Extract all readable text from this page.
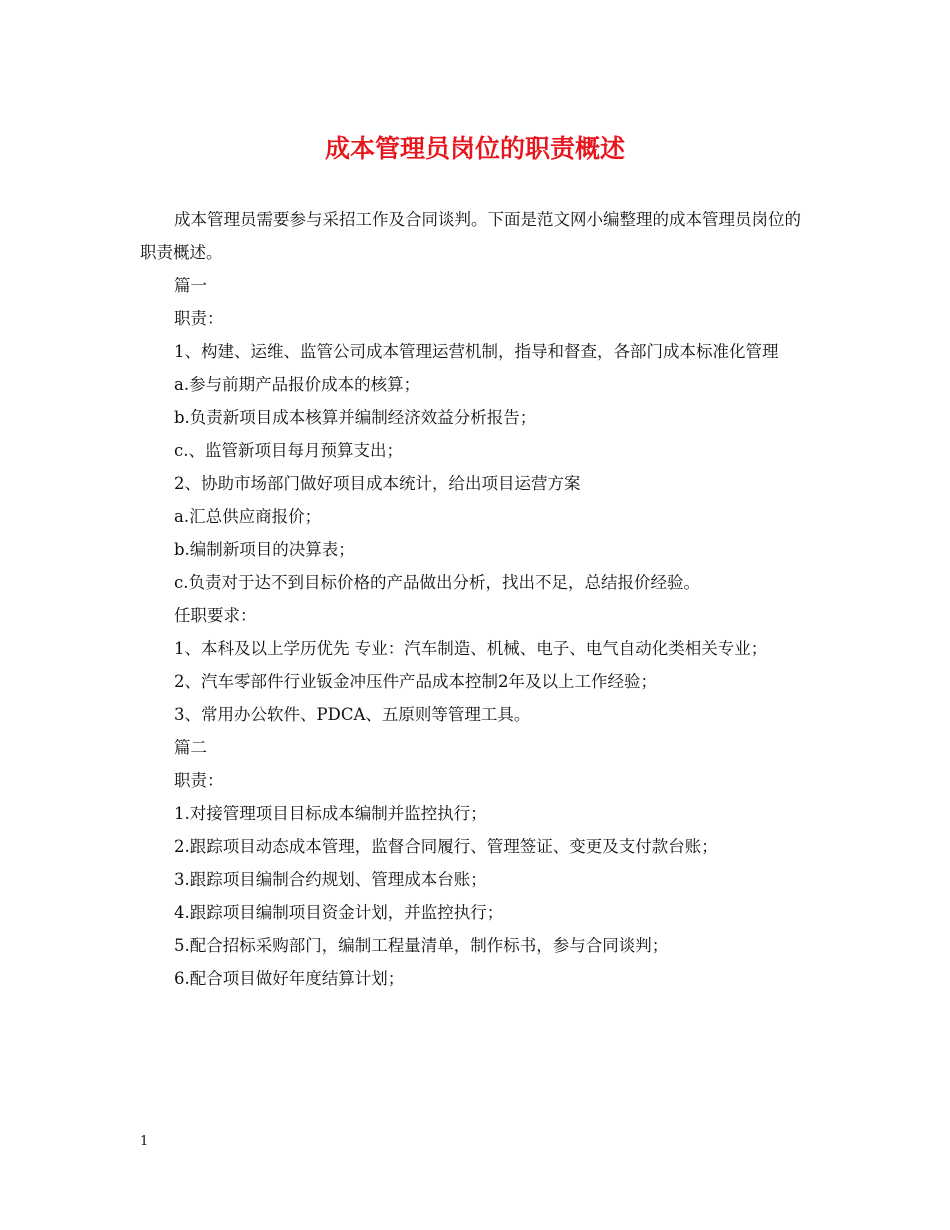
成本管理员岗位的职责概述

成本管理员需要参与采招工作及合同谈判。下面是范文网小编整理的成本管理员岗位的职责概述。

篇一

职责：

1、构建、运维、监管公司成本管理运营机制，指导和督查，各部门成本标准化管理

a.参与前期产品报价成本的核算；

b.负责新项目成本核算并编制经济效益分析报告；

c.、监管新项目每月预算支出；

2、协助市场部门做好项目成本统计，给出项目运营方案

a.汇总供应商报价；

b.编制新项目的决算表；

c.负责对于达不到目标价格的产品做出分析，找出不足，总结报价经验。

任职要求：

1、本科及以上学历优先 专业：汽车制造、机械、电子、电气自动化类相关专业；

2、汽车零部件行业钣金冲压件产品成本控制2年及以上工作经验；

3、常用办公软件、PDCA、五原则等管理工具。

篇二

职责：

1.对接管理项目目标成本编制并监控执行；

2.跟踪项目动态成本管理，监督合同履行、管理签证、变更及支付款台账；

3.跟踪项目编制合约规划、管理成本台账；

4.跟踪项目编制项目资金计划，并监控执行；

5.配合招标采购部门，编制工程量清单，制作标书，参与合同谈判；

6.配合项目做好年度结算计划；

1
